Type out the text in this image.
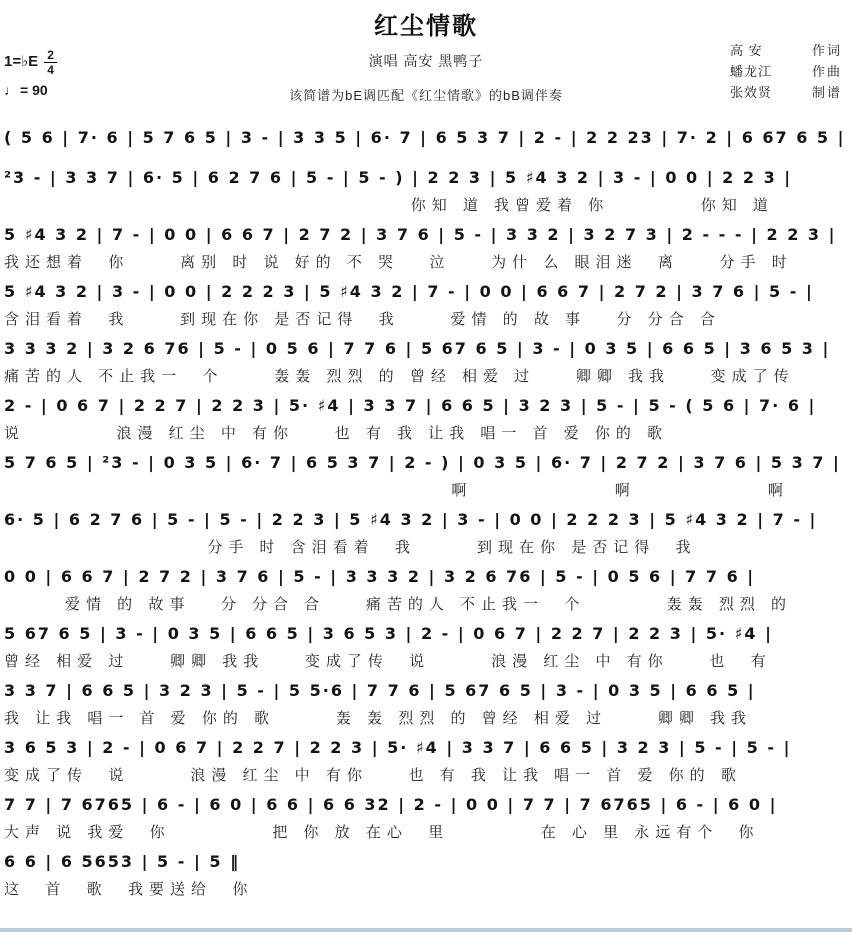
红尘情歌
1=♭E $\frac{2}{4}$
♩ = 90
演唱 高安 黑鸭子
该简谱为bE调匹配《红尘情歌》的bB调伴奏
高 安	作词
蟠龙江	作曲
张效贤	制谱
( 5 6 | 7· 6 | 5 7 6 5 | 3 - | 3 3 5 | 6· 7 | 6 5 3 7 | 2 - | 2 2 23 | 7· 2 | 6 67 6 5 |
²3 - | 3 3 7 | 6· 5 | 6 2 7 6 | 5 - | 5 - ) | 2 2 3 | 5 ♯4 3 2 | 3 - | 0 0 | 2 2 3 |
你知 道 我曾爱着 你         你知 道
5 ♯4 3 2 | 7 - | 0 0 | 6 6 7 | 2 7 2 | 3 7 6 | 5 - | 3 3 2 | 3 2 7 3 | 2 - - - | 2 2 3 |
我还想着  你     离别 时 说 好的 不 哭   泣    为什 么 眼泪迷  离    分手 时
5 ♯4 3 2 | 3 - | 0 0 | 2 2 2 3 | 5 ♯4 3 2 | 7 - | 0 0 | 6 6 7 | 2 7 2 | 3 7 6 | 5 - |
含泪看着  我     到现在你 是否记得  我     爱情 的 故 事   分 分合 合
3 3 3 2 | 3 2 6 76 | 5 - | 0 5 6 | 7 7 6 | 5 67 6 5 | 3 - | 0 3 5 | 6 6 5 | 3 6 5 3 |
痛苦的人 不止我一  个     轰轰 烈烈 的 曾经 相爱 过    卿卿 我我    变成了传
2 - | 0 6 7 | 2 2 7 | 2 2 3 | 5· ♯4 | 3 3 7 | 6 6 5 | 3 2 3 | 5 - | 5 - ( 5 6 | 7· 6 |
说         浪漫 红尘 中 有你    也 有 我 让我 唱一 首 爱 你的 歌
5 7 6 5 | ²3 - | 0 3 5 | 6· 7 | 6 5 3 7 | 2 - ) | 0 3 5 | 6· 7 | 2 7 2 | 3 7 6 | 5 3 7 |
啊              啊             啊
6· 5 | 6 2 7 6 | 5 - | 5 - | 2 2 3 | 5 ♯4 3 2 | 3 - | 0 0 | 2 2 2 3 | 5 ♯4 3 2 | 7 - |
分手 时 含泪看着  我      到现在你 是否记得  我
0 0 | 6 6 7 | 2 7 2 | 3 7 6 | 5 - | 3 3 3 2 | 3 2 6 76 | 5 - | 0 5 6 | 7 7 6 |
爱情 的 故事   分 分合 合    痛苦的人 不止我一  个        轰轰 烈烈 的
5 67 6 5 | 3 - | 0 3 5 | 6 6 5 | 3 6 5 3 | 2 - | 0 6 7 | 2 2 7 | 2 2 3 | 5· ♯4 |
曾经 相爱 过    卿卿 我我    变成了传  说      浪漫 红尘 中 有你    也  有
3 3 7 | 6 6 5 | 3 2 3 | 5 - | 5 5·6 | 7 7 6 | 5 67 6 5 | 3 - | 0 3 5 | 6 6 5 |
我 让我 唱一 首 爱 你的 歌      轰 轰 烈烈 的 曾经 相爱 过     卿卿 我我
3 6 5 3 | 2 - | 0 6 7 | 2 2 7 | 2 2 3 | 5· ♯4 | 3 3 7 | 6 6 5 | 3 2 3 | 5 - | 5 - |
变成了传  说      浪漫 红尘 中 有你    也 有 我 让我 唱一 首 爱 你的 歌
7 7 | 7 6765 | 6 - | 6 0 | 6 6 | 6 6 32 | 2 - | 0 0 | 7 7 | 7 6765 | 6 - | 6 0 |
大声 说 我爱  你          把 你 放 在心  里         在 心 里 永远有个  你
6 6 | 6 5653 | 5 - | 5 ‖
这  首  歌  我要送给  你
